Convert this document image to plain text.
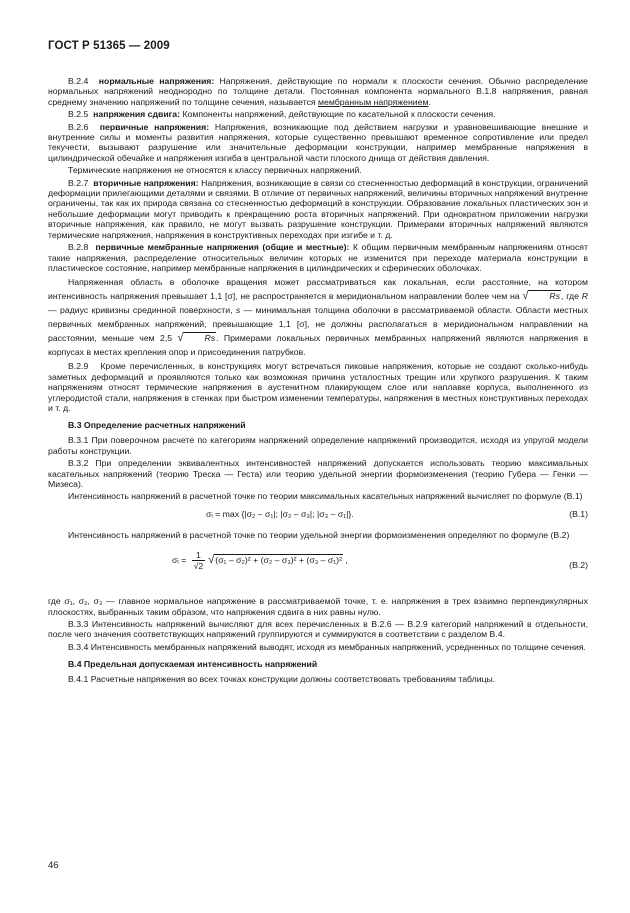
ГОСТ Р 51365 — 2009

В.2.4 нормальные напряжения: Напряжения, действующие по нормали к плоскости сечения. Обычно распределение нормальных напряжений неоднородно по толщине детали. Постоянная компонента нормального В.1.8 напряжения, равная среднему значению напряжений по толщине сечения, называется мембранным напряжением.

В.2.5 напряжения сдвига: Компоненты напряжений, действующие по касательной к плоскости сечения.

В.2.6 первичные напряжения: Напряжения, возникающие под действием нагрузки и уравновешивающие внешние и внутренние силы и моменты развития напряжения, которые существенно превышают временное сопротивление или предел текучести, вызывают разрушение или значительные деформации конструкции, например мембранные напряжения в цилиндрической обечайке и напряжения изгиба в центральной части плоского днища от действия давления.

Термические напряжения не относятся к классу первичных напряжений.

В.2.7 вторичные напряжения: Напряжения, возникающие в связи со стесненностью деформаций в конструкции, ограничений деформации прилегающими деталями и связями. В отличие от первичных напряжений, величины вторичных напряжений внутренне ограничены, так как их природа связана со стесненностью деформаций в конструкции. Образование локальных пластических зон и небольшие деформации могут приводить к прекращению роста вторичных напряжений. При однократном приложении нагрузки вторичные напряжения, как правило, не могут вызвать разрушение конструкции. Примерами вторичных напряжений являются термические напряжения, напряжения в конструктивных переходах при изгибе и т. д.

В.2.8 первичные мембранные напряжения (общие и местные): К общим первичным мембранным напряжениям относят такие напряжения, распределение относительных величин которых не изменится при переходе материала конструкции в пластическое состояние, например мембранные напряжения в цилиндрических и сферических оболочках.

Напряженная область в оболочке вращения может рассматриваться как локальная, если расстояние, на котором интенсивность напряжения превышает 1,1 [σ], не распространяется в меридиональном направлении более чем на √ Rs, где R — радиус кривизны срединной поверхности, s — минимальная толщина оболочки в рассматриваемой области. Области местных первичных мембранных напряжений, превышающие 1,1 [σ], не должны располагаться в меридиональном направлении на расстоянии, меньше чем 2,5 √ Rs. Примерами локальных первичных мембранных напряжений являются напряжения в корпусах в местах крепления опор и присоединения патрубков.

В.2.9 Кроме перечисленных, в конструкциях могут встречаться пиковые напряжения, которые не создают сколько-нибудь заметных деформаций и проявляются только как возможная причина усталостных трещин или хрупкого разрушения. К таким напряжениям относят термические напряжения в аустенитном плакирующем слое или наплавке корпуса, выполненного из углеродистой стали, напряжения в стенках при быстром изменении температуры, напряжения в местных конструктивных переходах и т. д.

В.3 Определение расчетных напряжений

В.3.1 При поверочном расчете по категориям напряжений определение напряжений производится, исходя из упругой модели работы конструкции.

В.3.2 При определении эквивалентных интенсивностей напряжений допускается использовать теорию максимальных касательных напряжений (теорию Треска — Геста) или теорию удельной энергии формоизменения (теорию Губера — Генки — Мизеса).

Интенсивность напряжений в расчетной точке по теории максимальных касательных напряжений вычисляет по формуле (В.1)

σᵢ = max {|σ₂ – σ₁|; |σ₂ – σ₃|; |σ₃ – σ₁|}.	(В.1)

Интенсивность напряжений в расчетной точке по теории удельной энергии формоизменения определяют по формуле (В.2)

σᵢ = $\frac{1}{√2} √(\sigma_1 - \sigma_2)^2 + (\sigma_2 - \sigma_3)^2 + (\sigma_3 - \sigma_1)^2$ ,
(В.2)

где σ₁, σ₂, σ₃ — главное нормальное напряжение в рассматриваемой точке, т. е. напряжения в трех взаимно перпендикулярных плоскостях, выбранных таким образом, что напряжения сдвига в них равны нулю.

В.3.3 Интенсивность напряжений вычисляют для всех перечисленных в В.2.6 — В.2.9 категорий напряжений в отдельности, после чего значения соответствующих напряжений группируются и суммируются в соответствии с разделом В.4.

В.3.4 Интенсивность мембранных напряжений выводят, исходя из мембранных напряжений, усредненных по толщине сечения.

В.4 Предельная допускаемая интенсивность напряжений

В.4.1 Расчетные напряжения во всех точках конструкции должны соответствовать требованиям таблицы.

46
